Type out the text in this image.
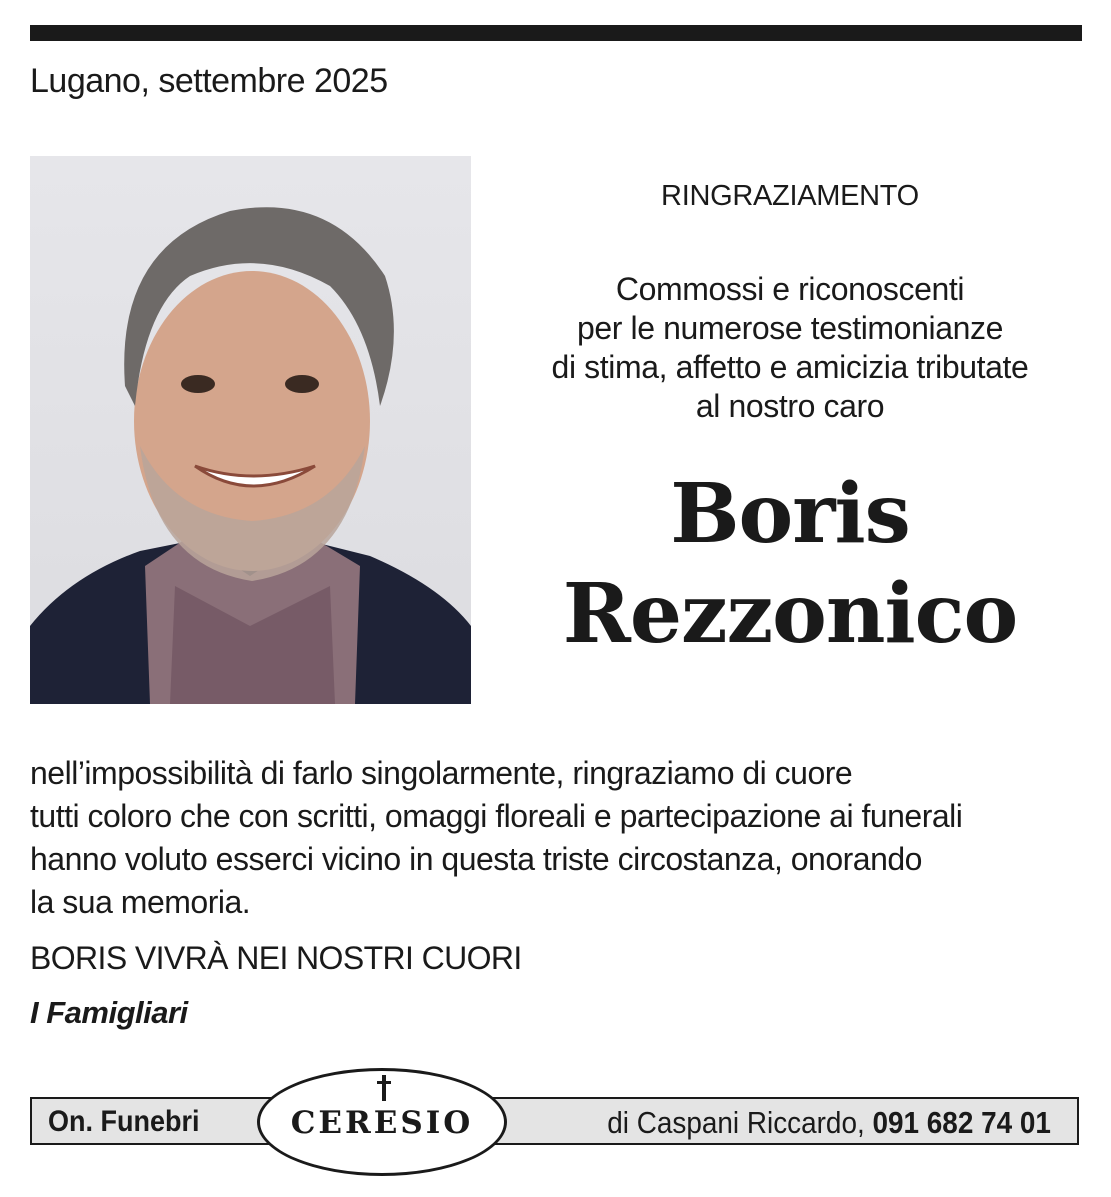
Lugano, settembre 2025
RINGRAZIAMENTO
Commossi e riconoscenti
per le numerose testimonianze
di stima, affetto e amicizia tributate
al nostro caro
Boris
Rezzonico
nell’impossibilità di farlo singolarmente, ringraziamo di cuore
tutti coloro che con scritti, omaggi floreali e partecipazione ai funerali
hanno voluto esserci vicino in questa triste circostanza, onorando
la sua memoria.
BORIS VIVRÀ NEI NOSTRI CUORI
I Famigliari
On. Funebri	di Caspani Riccardo, 091 682 74 01
CERESIO
